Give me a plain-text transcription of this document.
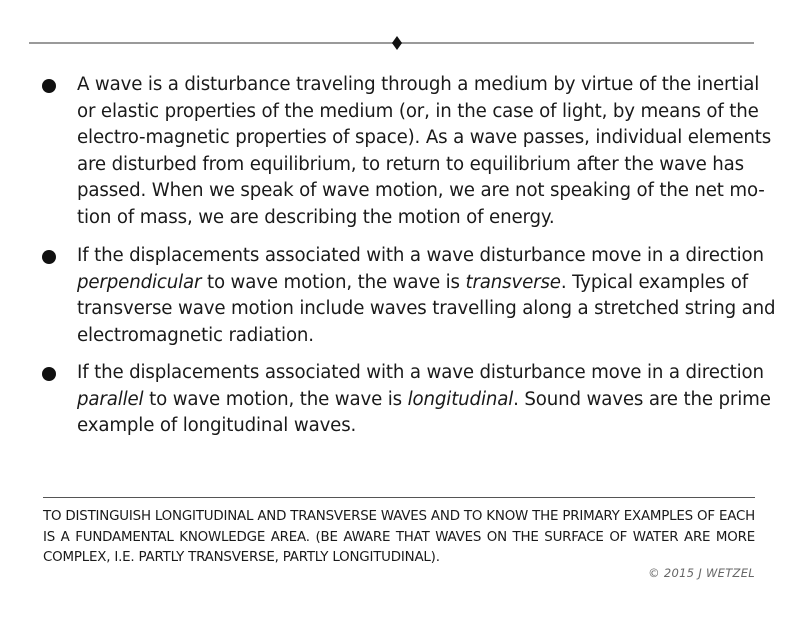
A wave is a disturbance traveling through a medium by virtue of the inertial
or elastic properties of the medium (or, in the case of light, by means of the
electro-magnetic properties of space). As a wave passes, individual elements
are disturbed from equilibrium, to return to equilibrium after the wave has
passed. When we speak of wave motion, we are not speaking of the net mo-
tion of mass, we are describing the motion of energy.
If the displacements associated with a wave disturbance move in a direction
perpendicular to wave motion, the wave is transverse. Typical examples of
transverse wave motion include waves travelling along a stretched string and
electromagnetic radiation.
If the displacements associated with a wave disturbance move in a direction
parallel to wave motion, the wave is longitudinal. Sound waves are the prime
example of longitudinal waves.
TO DISTINGUISH LONGITUDINAL AND TRANSVERSE WAVES AND TO KNOW THE PRIMARY EXAMPLES OF EACH
IS A FUNDAMENTAL KNOWLEDGE AREA. (BE AWARE THAT WAVES ON THE SURFACE OF WATER ARE MORE
COMPLEX, I.E. PARTLY TRANSVERSE, PARTLY LONGITUDINAL).
© 2015 J WETZEL
